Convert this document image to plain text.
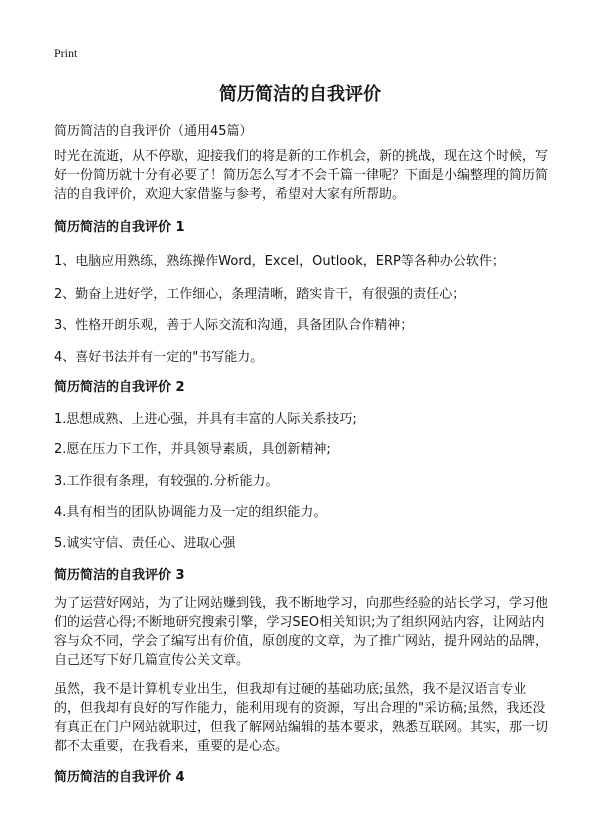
Print
简历简洁的自我评价
简历简洁的自我评价（通用45篇）
时光在流逝，从不停歇，迎接我们的将是新的工作机会，新的挑战，现在这个时候，写好一份简历就十分有必要了！简历怎么写才不会千篇一律呢？下面是小编整理的简历简洁的自我评价，欢迎大家借鉴与参考，希望对大家有所帮助。
简历简洁的自我评价 1
1、电脑应用熟练，熟练操作Word，Excel，Outlook，ERP等各种办公软件；
2、勤奋上进好学，工作细心，条理清晰，踏实肯干，有很强的责任心；
3、性格开朗乐观，善于人际交流和沟通，具备团队合作精神；
4、喜好书法并有一定的"书写能力。
简历简洁的自我评价 2
1.思想成熟、上进心强，并具有丰富的人际关系技巧;
2.愿在压力下工作，并具领导素质，具创新精神;
3.工作很有条理，有较强的.分析能力。
4.具有相当的团队协调能力及一定的组织能力。
5.诚实守信、责任心、进取心强
简历简洁的自我评价 3
为了运营好网站，为了让网站赚到钱，我不断地学习，向那些经验的站长学习，学习他们的运营心得;不断地研究搜索引擎，学习SEO相关知识;为了组织网站内容，让网站内容与众不同，学会了编写出有价值，原创度的文章，为了推广网站，提升网站的品牌，自己还写下好几篇宣传公关文章。
虽然，我不是计算机专业出生，但我却有过硬的基础功底;虽然，我不是汉语言专业的，但我却有良好的写作能力，能利用现有的资源，写出合理的"采访稿;虽然，我还没有真正在门户网站就职过，但我了解网站编辑的基本要求，熟悉互联网。其实，那一切都不太重要，在我看来，重要的是心态。
简历简洁的自我评价 4
